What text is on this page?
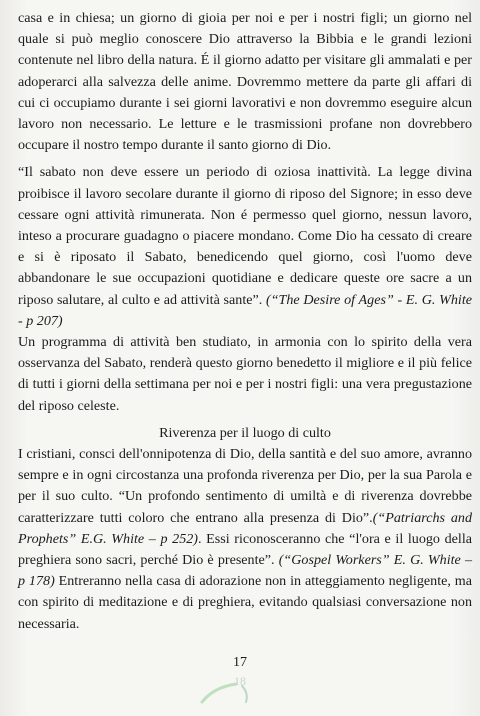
casa e in chiesa; un giorno di gioia per noi e per i nostri figli; un giorno nel quale si può meglio conoscere Dio attraverso la Bibbia e le grandi lezioni contenute nel libro della natura. É il giorno adatto per visitare gli ammalati e per adoperarci alla salvezza delle anime. Dovremmo mettere da parte gli affari di cui ci occupiamo durante i sei giorni lavorativi e non dovremmo eseguire alcun lavoro non necessario. Le letture e le trasmissioni profane non dovrebbero occupare il nostro tempo durante il santo giorno di Dio.

“Il sabato non deve essere un periodo di oziosa inattività. La legge divina proibisce il lavoro secolare durante il giorno di riposo del Signore; in esso deve cessare ogni attività rimunerata. Non é permesso quel giorno, nessun lavoro, inteso a procurare guadagno o piacere mondano. Come Dio ha cessato di creare e si è riposato il Sabato, benedicendo quel giorno, così l'uomo deve abbandonare le sue occupazioni quotidiane e dedicare queste ore sacre a un riposo salutare, al culto e ad attività sante”. (“The Desire of Ages” - E. G. White - p 207)
Un programma di attività ben studiato, in armonia con lo spirito della vera osservanza del Sabato, renderà questo giorno benedetto il migliore e il più felice di tutti i giorni della settimana per noi e per i nostri figli: una vera pregustazione del riposo celeste.

Riverenza per il luogo di culto

I cristiani, consci dell'onnipotenza di Dio, della santità e del suo amore, avranno sempre e in ogni circostanza una profonda riverenza per Dio, per la sua Parola e per il suo culto. “Un profondo sentimento di umiltà e di riverenza dovrebbe caratterizzare tutti coloro che entrano alla presenza di Dio”.(“Patriarchs and Prophets” E.G. White – p 252). Essi riconosceranno che “l'ora e il luogo della preghiera sono sacri, perché Dio è presente”. (“Gospel Workers” E. G. White – p 178) Entreranno nella casa di adorazione non in atteggiamento negligente, ma con spirito di meditazione e di preghiera, evitando qualsiasi conversazione non necessaria.

17
18
